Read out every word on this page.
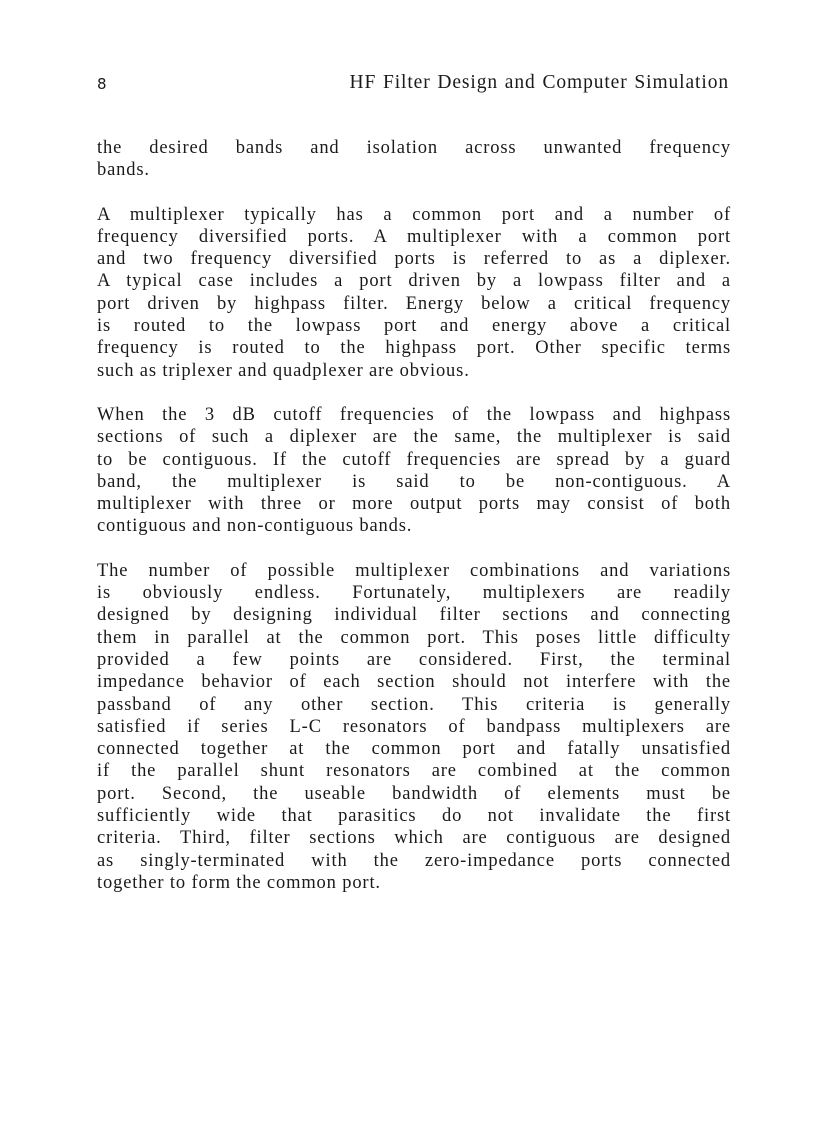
8	HF Filter Design and Computer Simulation
the desired bands and isolation across unwanted frequency
bands.
A multiplexer typically has a common port and a number of
frequency diversified ports. A multiplexer with a common port
and two frequency diversified ports is referred to as a diplexer.
A typical case includes a port driven by a lowpass filter and a
port driven by highpass filter. Energy below a critical frequency
is routed to the lowpass port and energy above a critical
frequency is routed to the highpass port. Other specific terms
such as triplexer and quadplexer are obvious.
When the 3 dB cutoff frequencies of the lowpass and highpass
sections of such a diplexer are the same, the multiplexer is said
to be contiguous. If the cutoff frequencies are spread by a guard
band, the multiplexer is said to be non-contiguous. A
multiplexer with three or more output ports may consist of both
contiguous and non-contiguous bands.
The number of possible multiplexer combinations and variations
is obviously endless. Fortunately, multiplexers are readily
designed by designing individual filter sections and connecting
them in parallel at the common port. This poses little difficulty
provided a few points are considered. First, the terminal
impedance behavior of each section should not interfere with the
passband of any other section. This criteria is generally
satisfied if series L-C resonators of bandpass multiplexers are
connected together at the common port and fatally unsatisfied
if the parallel shunt resonators are combined at the common
port. Second, the useable bandwidth of elements must be
sufficiently wide that parasitics do not invalidate the first
criteria. Third, filter sections which are contiguous are designed
as singly-terminated with the zero-impedance ports connected
together to form the common port.
